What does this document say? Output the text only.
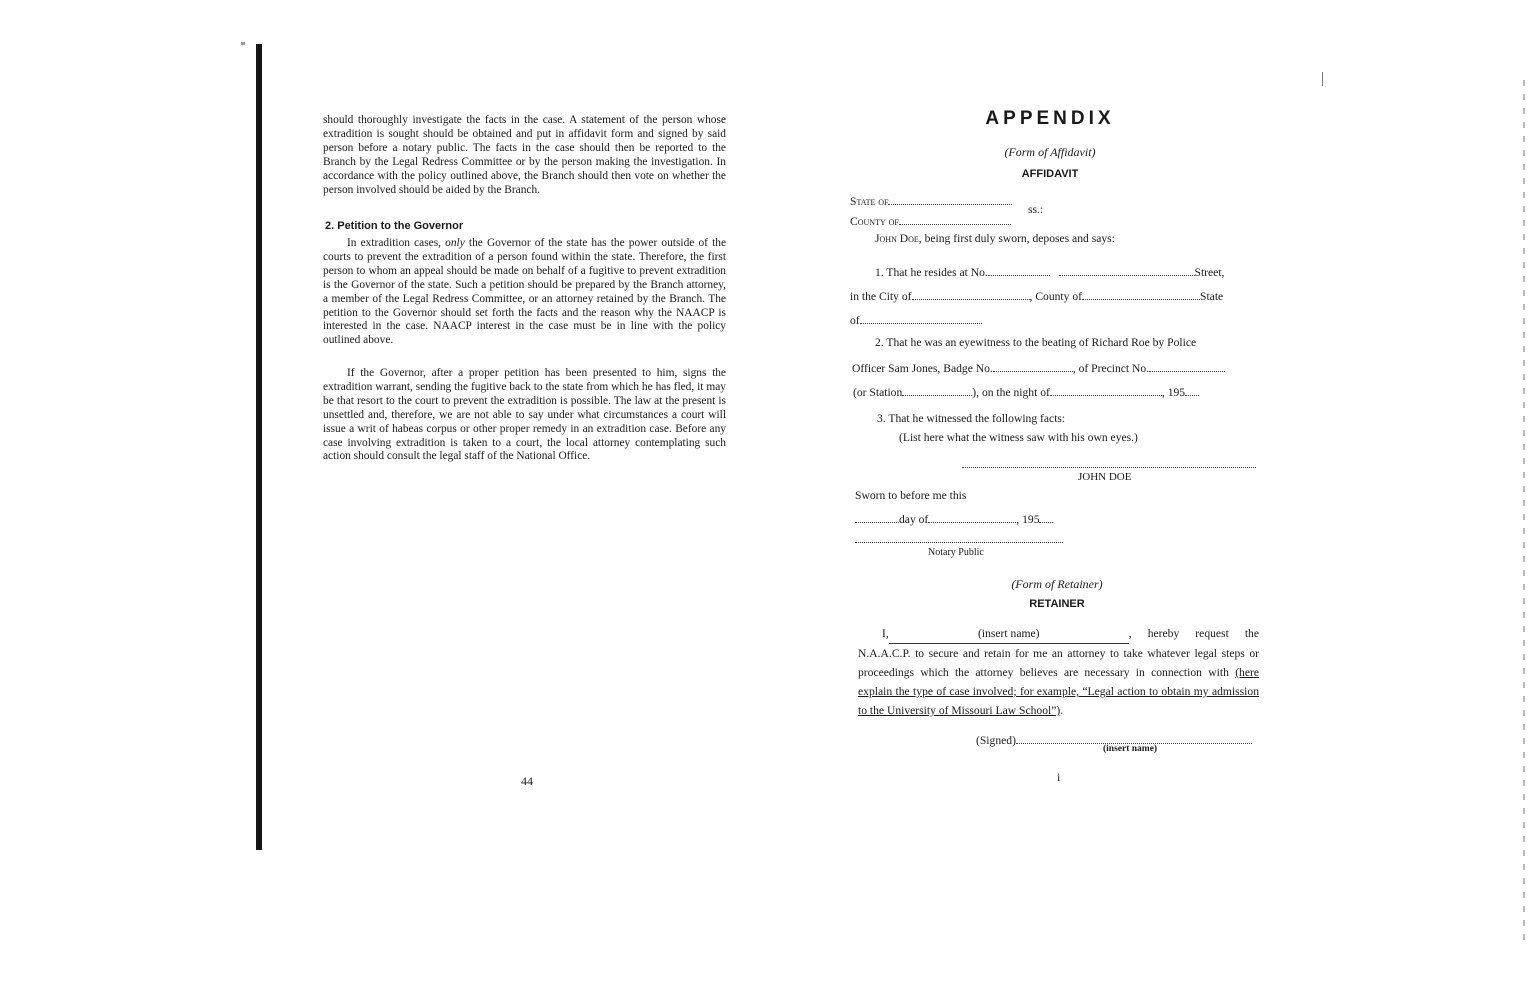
should thoroughly investigate the facts in the case. A statement of the person whose extradition is sought should be obtained and put in affidavit form and signed by said person before a notary public. The facts in the case should then be reported to the Branch by the Legal Redress Committee or by the person making the investigation. In accordance with the policy outlined above, the Branch should then vote on whether the person involved should be aided by the Branch.

2. Petition to the Governor

In extradition cases, only the Governor of the state has the power outside of the courts to prevent the extradition of a person found within the state. Therefore, the first person to whom an appeal should be made on behalf of a fugitive to prevent extradition is the Governor of the state. Such a petition should be prepared by the Branch attorney, a member of the Legal Redress Committee, or an attorney retained by the Branch. The petition to the Governor should set forth the facts and the reason why the NAACP is interested in the case. NAACP interest in the case must be in line with the policy outlined above.

If the Governor, after a proper petition has been presented to him, signs the extradition warrant, sending the fugitive back to the state from which he has fled, it may be that resort to the court to prevent the extradition is possible. The law at the present is unsettled and, therefore, we are not able to say under what circumstances a court will issue a writ of habeas corpus or other proper remedy in an extradition case. Before any case involving extradition is taken to a court, the local attorney contemplating such action should consult the legal staff of the National Office.

44
APPENDIX
(Form of Affidavit)
AFFIDAVIT
State of
ss.:
County of
John Doe, being first duly sworn, deposes and says:
1. That he resides at No.	Street,
in the City of	, County of	State
of
2. That he was an eyewitness to the beating of Richard Roe by Police
Officer Sam Jones, Badge No.	, of Precinct No.
(or Station	), on the night of	, 195
3. That he witnessed the following facts:
(List here what the witness saw with his own eyes.)
JOHN DOE
Sworn to before me this
day of	, 195
Notary Public
(Form of Retainer)
RETAINER
I,	(insert name)	, hereby request the N.A.A.C.P. to secure and retain for me an attorney to take whatever legal steps or proceedings which the attorney believes are necessary in connection with (here explain the type of case involved; for example, “Legal action to obtain my admission to the University of Missouri Law School”).
(Signed)
(insert name)
i
